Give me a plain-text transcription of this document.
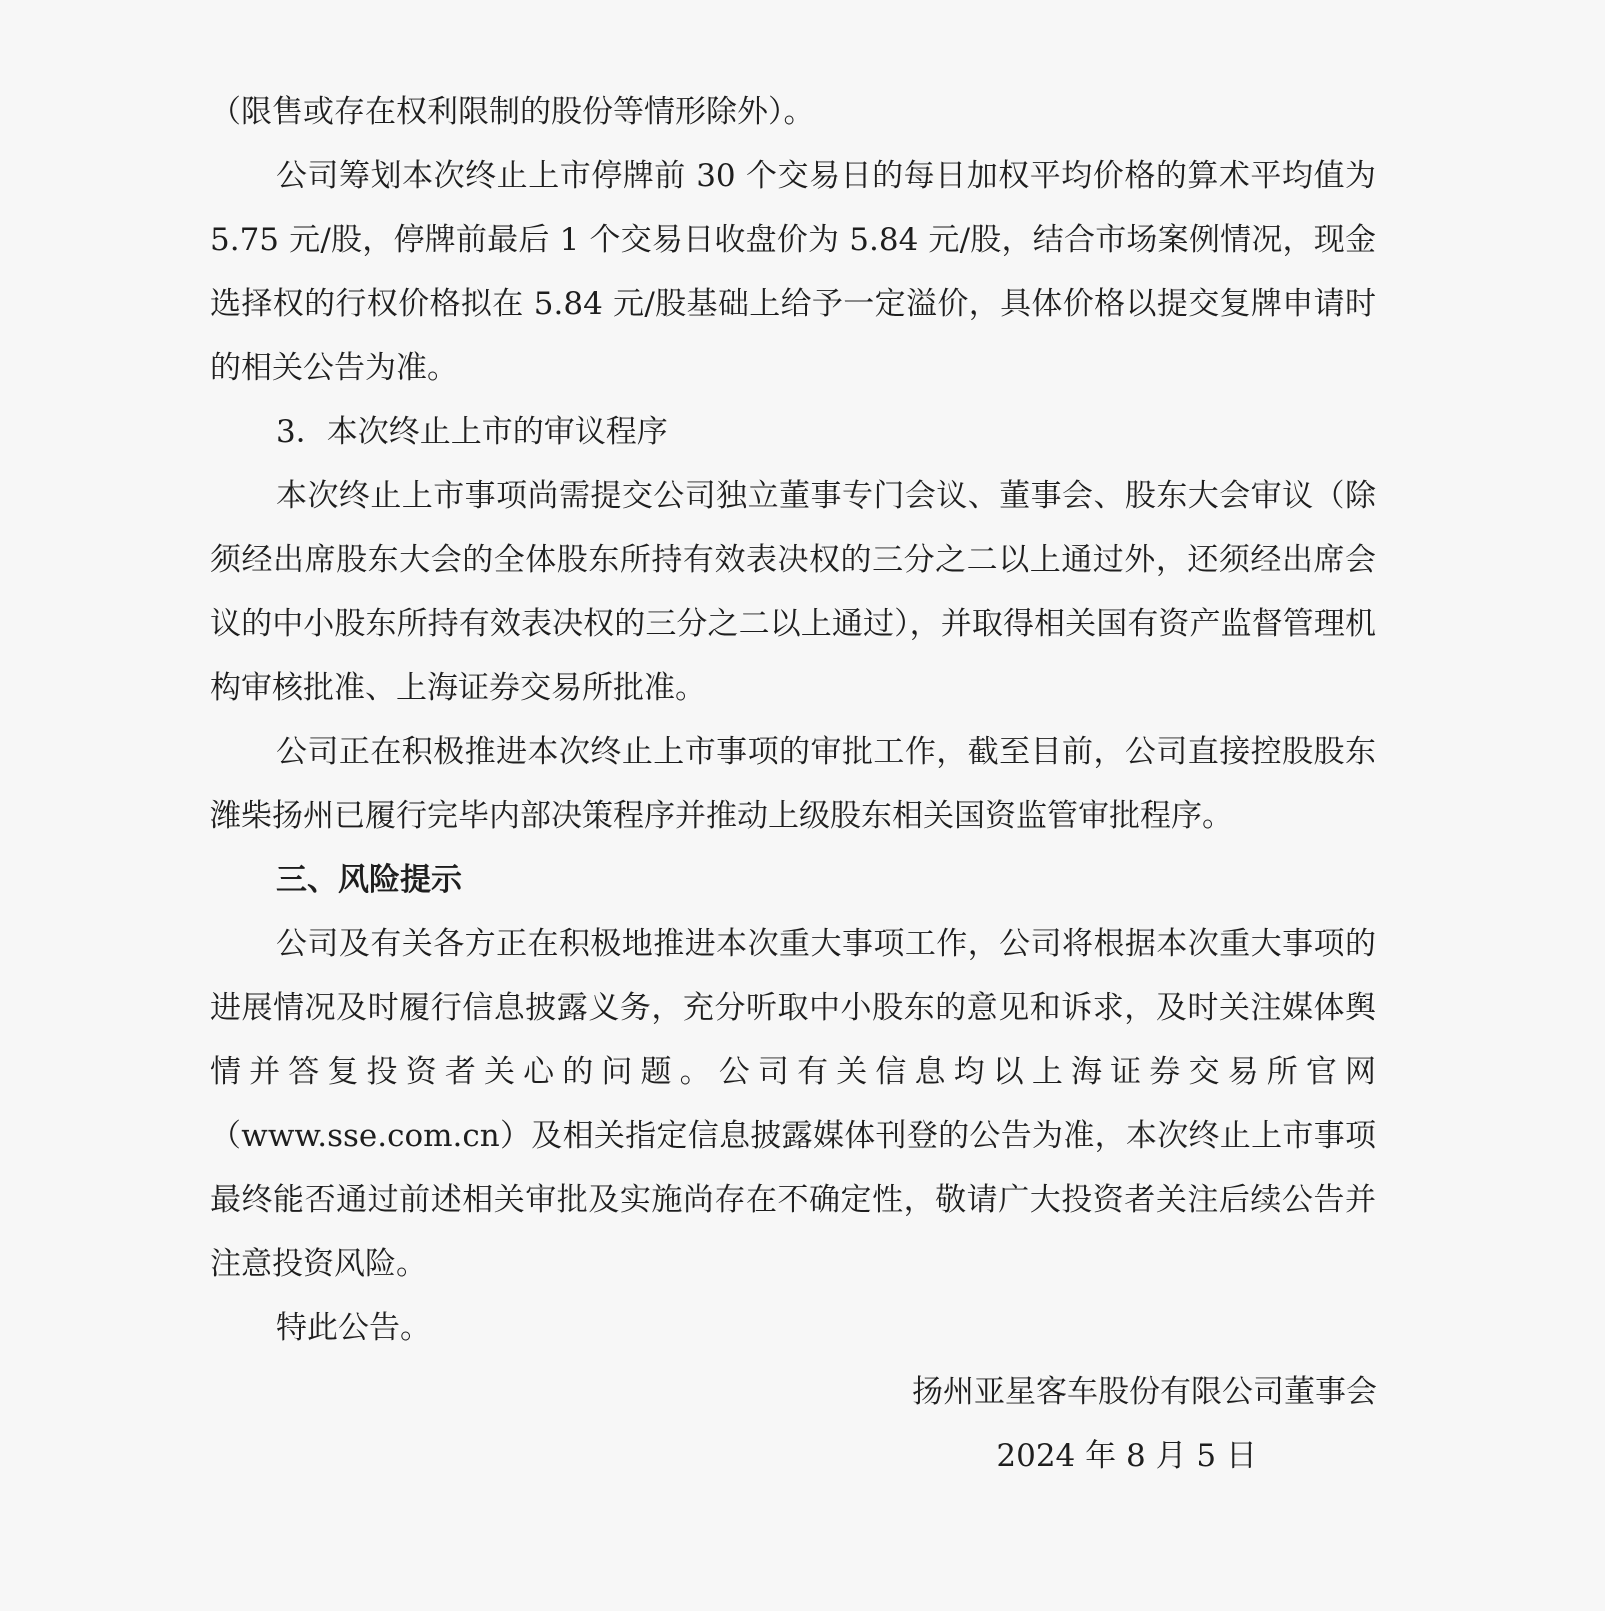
（限售或存在权利限制的股份等情形除外）。

公司筹划本次终止上市停牌前 30 个交易日的每日加权平均价格的算术平均值为 5.75 元/股，停牌前最后 1 个交易日收盘价为 5.84 元/股，结合市场案例情况，现金选择权的行权价格拟在 5.84 元/股基础上给予一定溢价，具体价格以提交复牌申请时的相关公告为准。

3．本次终止上市的审议程序

本次终止上市事项尚需提交公司独立董事专门会议、董事会、股东大会审议（除须经出席股东大会的全体股东所持有效表决权的三分之二以上通过外，还须经出席会议的中小股东所持有效表决权的三分之二以上通过），并取得相关国有资产监督管理机构审核批准、上海证券交易所批准。

公司正在积极推进本次终止上市事项的审批工作，截至目前，公司直接控股股东潍柴扬州已履行完毕内部决策程序并推动上级股东相关国资监管审批程序。

三、风险提示

公司及有关各方正在积极地推进本次重大事项工作，公司将根据本次重大事项的进展情况及时履行信息披露义务，充分听取中小股东的意见和诉求，及时关注媒体舆情并答复投资者关心的问题。公司有关信息均以上海证券交易所官网（www.sse.com.cn）及相关指定信息披露媒体刊登的公告为准，本次终止上市事项最终能否通过前述相关审批及实施尚存在不确定性，敬请广大投资者关注后续公告并注意投资风险。

特此公告。

扬州亚星客车股份有限公司董事会

2024 年 8 月 5 日
